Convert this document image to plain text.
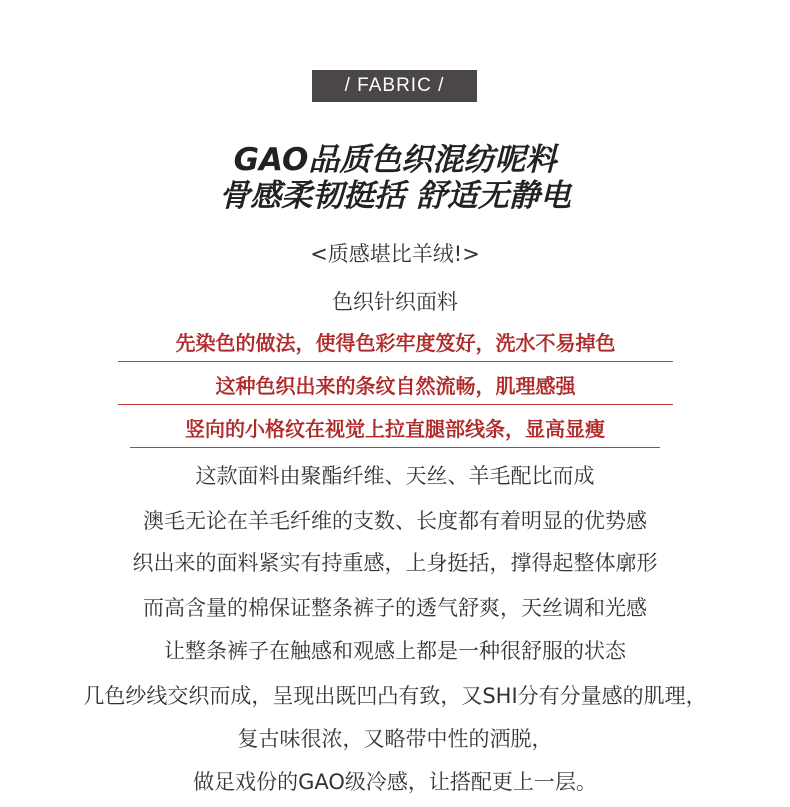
/ FABRIC /
GAO品质色织混纺呢料
骨感柔韧挺括 舒适无静电
<质感堪比羊绒!>
色织针织面料
先染色的做法，使得色彩牢度笈好，洗水不易掉色
这种色织出来的条纹自然流畅，肌理感强
竖向的小格纹在视觉上拉直腿部线条，显高显瘦
这款面料由聚酯纤维、天丝、羊毛配比而成
澳毛无论在羊毛纤维的支数、长度都有着明显的优势感
织出来的面料紧实有持重感，上身挺括，撑得起整体廓形
而高含量的棉保证整条裤子的透气舒爽，天丝调和光感
让整条裤子在触感和观感上都是一种很舒服的状态
几色纱线交织而成，呈现出既凹凸有致，又SHI分有分量感的肌理，
复古味很浓，又略带中性的洒脱，
做足戏份的GAO级冷感，让搭配更上一层。
